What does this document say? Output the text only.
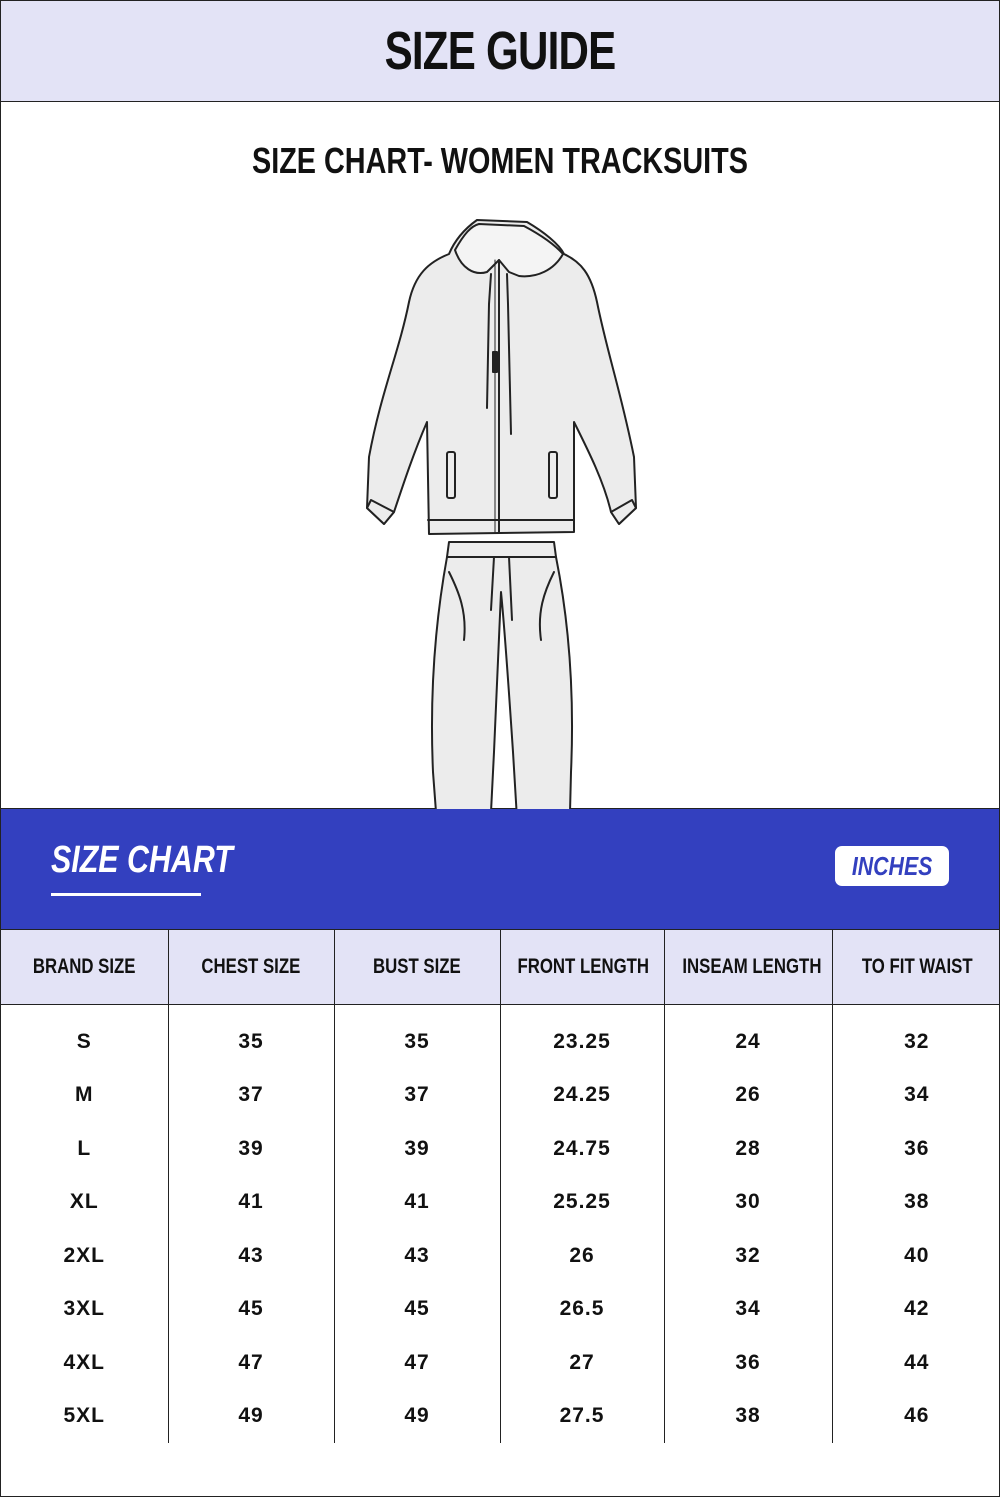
SIZE GUIDE
SIZE CHART- WOMEN TRACKSUITS
SIZE CHART	INCHES
BRAND SIZE	CHEST SIZE	BUST SIZE	FRONT LENGTH	INSEAM LENGTH	TO FIT WAIST
S	35	35	23.25	24	32
M	37	37	24.25	26	34
L	39	39	24.75	28	36
XL	41	41	25.25	30	38
2XL	43	43	26	32	40
3XL	45	45	26.5	34	42
4XL	47	47	27	36	44
5XL	49	49	27.5	38	46
